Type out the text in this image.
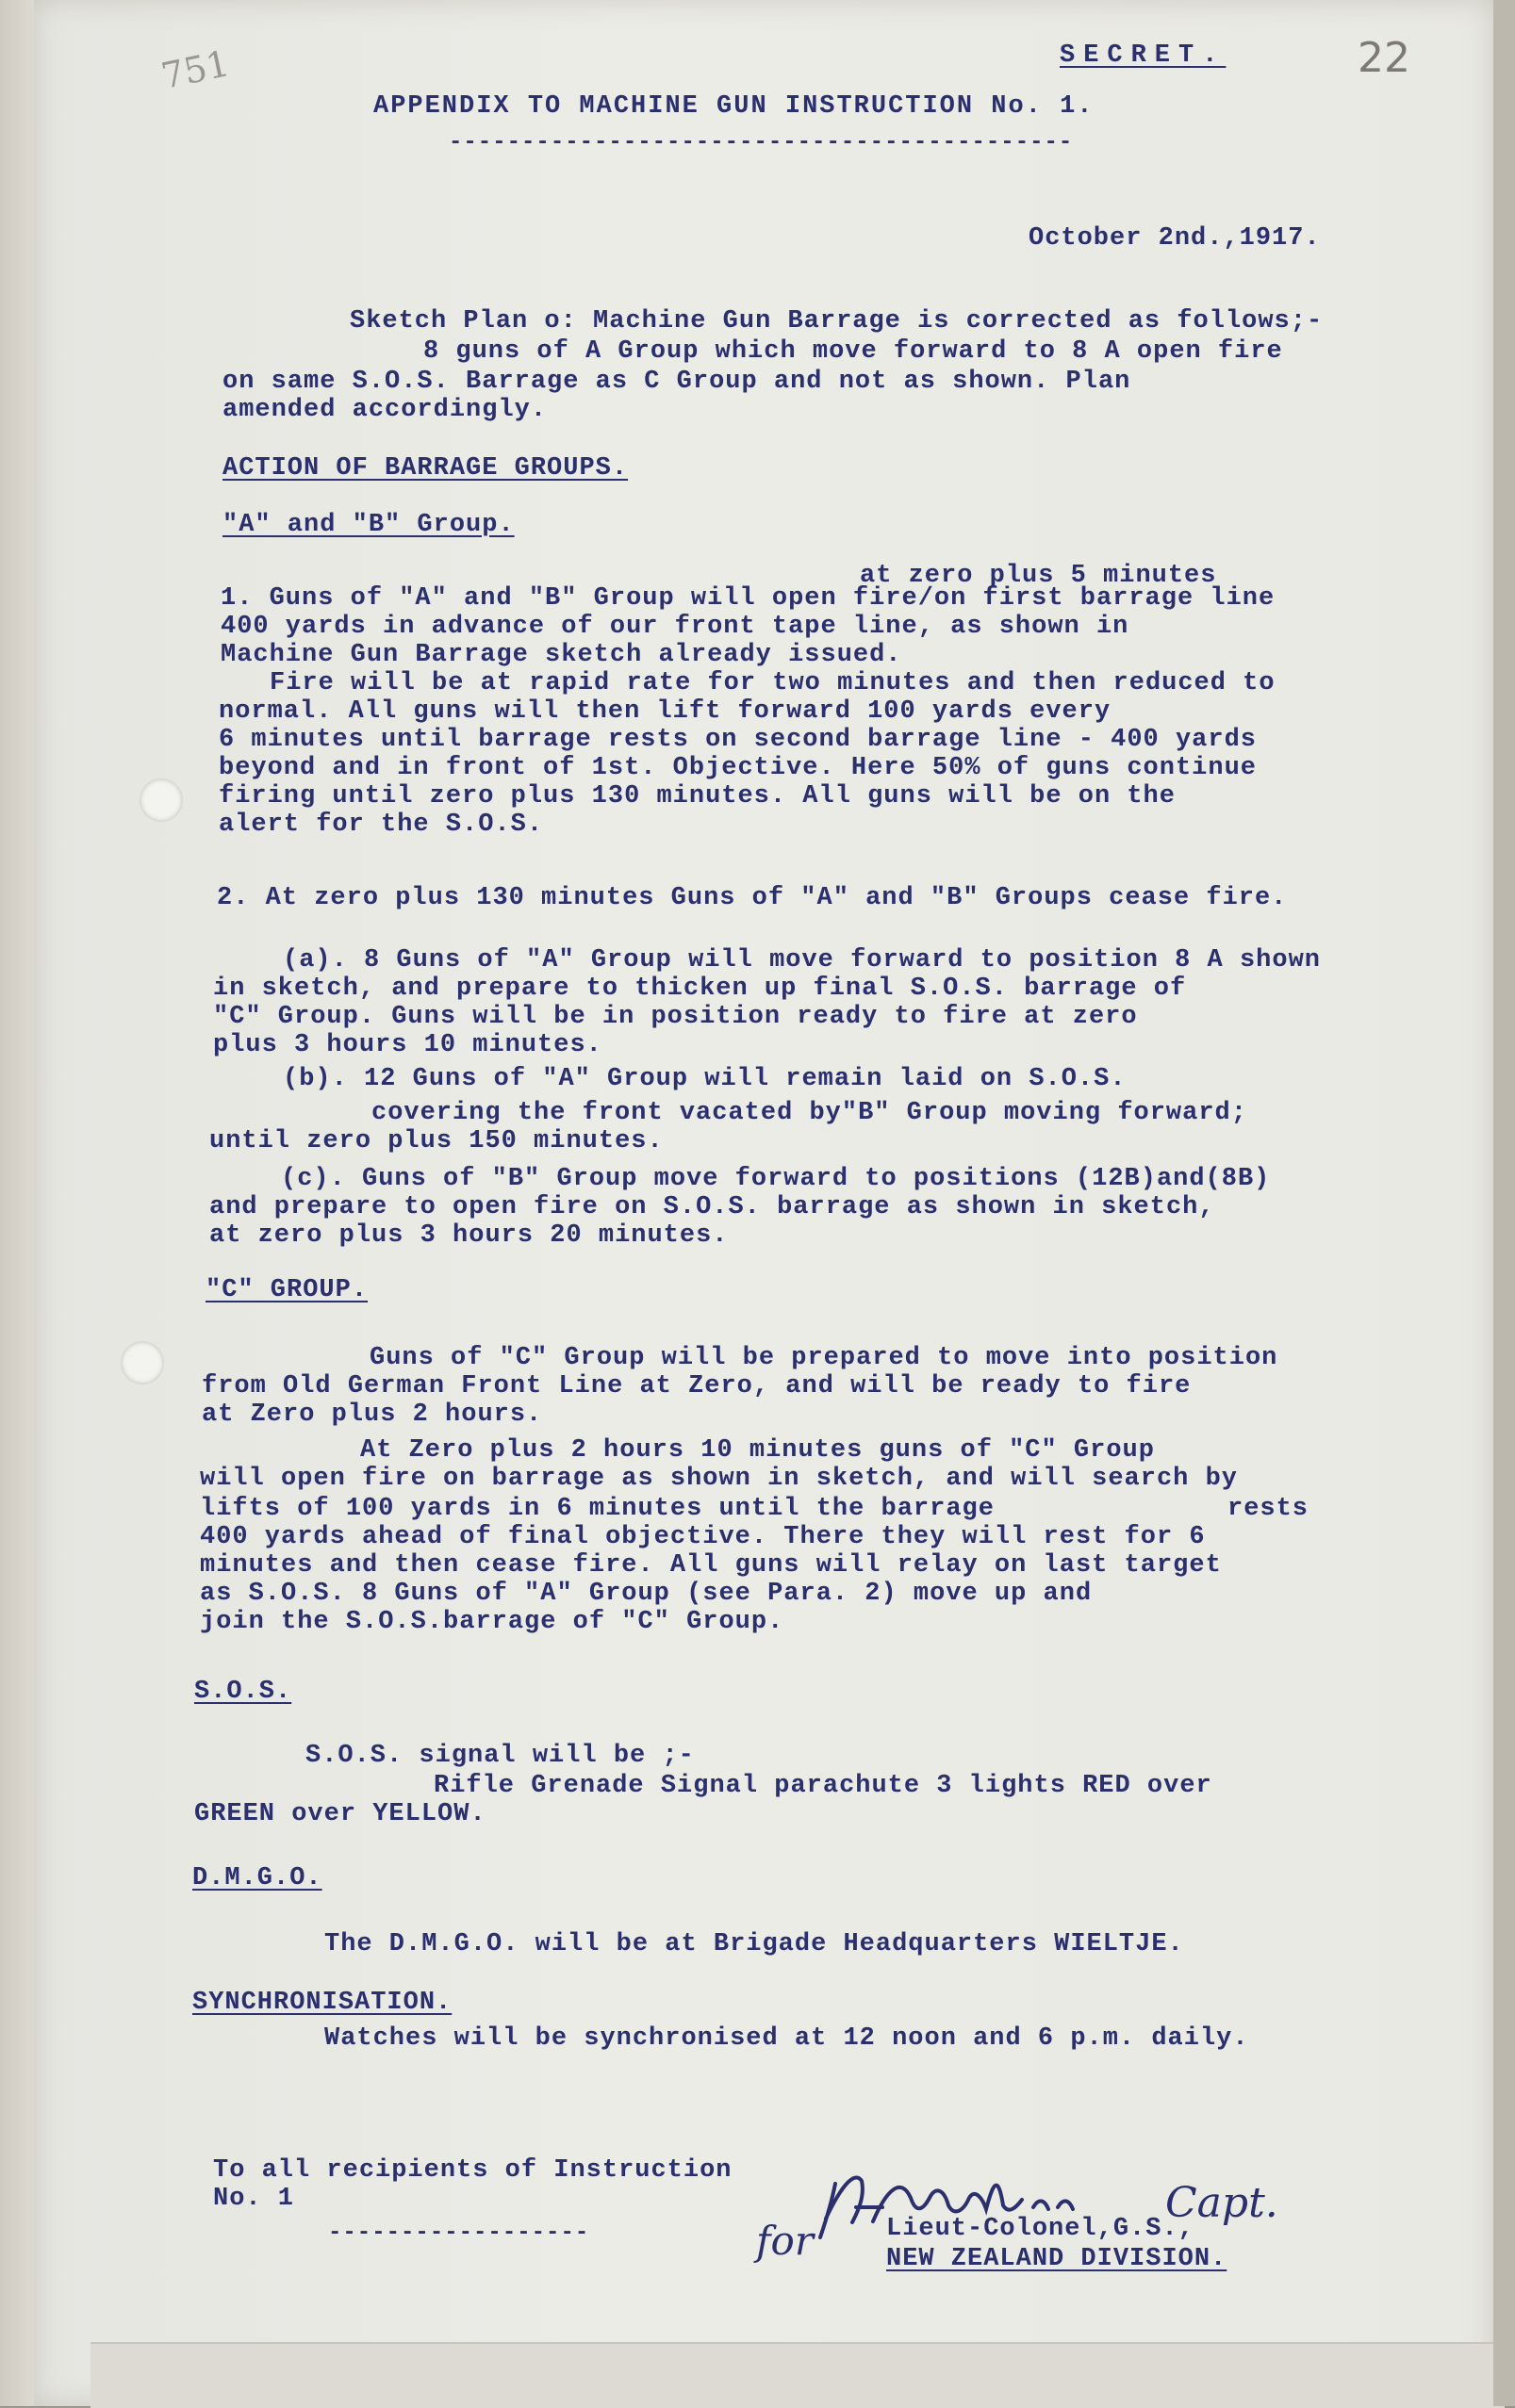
751	22
SECRET.
APPENDIX TO MACHINE GUN INSTRUCTION No. 1.
-------------------------------------------
October 2nd.,1917.
Sketch Plan o: Machine Gun Barrage is corrected as follows;-
8 guns of A Group which move forward to 8 A open fire
on same S.O.S. Barrage as C Group and not as shown. Plan
amended accordingly.
ACTION OF BARRAGE GROUPS.
"A" and "B" Group.
at zero plus 5 minutes
1. Guns of "A" and "B" Group will open fire/on first barrage line
400 yards in advance of our front tape line, as shown in
Machine Gun Barrage sketch already issued.
Fire will be at rapid rate for two minutes and then reduced to
normal. All guns will then lift forward 100 yards every
6 minutes until barrage rests on second barrage line - 400 yards
beyond and in front of 1st. Objective. Here 50% of guns continue
firing until zero plus 130 minutes. All guns will be on the
alert for the S.O.S.
2. At zero plus 130 minutes Guns of "A" and "B" Groups cease fire.
(a). 8 Guns of "A" Group will move forward to position 8 A shown
in sketch, and prepare to thicken up final S.O.S. barrage of
"C" Group. Guns will be in position ready to fire at zero
plus 3 hours 10 minutes.
(b). 12 Guns of "A" Group will remain laid on S.O.S.
covering the front vacated by"B" Group moving forward;
until zero plus 150 minutes.
(c). Guns of "B" Group move forward to positions (12B)and(8B)
and prepare to open fire on S.O.S. barrage as shown in sketch,
at zero plus 3 hours 20 minutes.
"C" GROUP.
Guns of "C" Group will be prepared to move into position
from Old German Front Line at Zero, and will be ready to fire
at Zero plus 2 hours.
At Zero plus 2 hours 10 minutes guns of "C" Group
will open fire on barrage as shown in sketch, and will search by
lifts of 100 yards in 6 minutes until the barrage	rests
400 yards ahead of final objective. There they will rest for 6
minutes and then cease fire. All guns will relay on last target
as S.O.S. 8 Guns of "A" Group (see Para. 2) move up and
join the S.O.S.barrage of "C" Group.
S.O.S.
S.O.S. signal will be ;-
Rifle Grenade Signal parachute 3 lights RED over
GREEN over YELLOW.
D.M.G.O.
The D.M.G.O. will be at Brigade Headquarters WIELTJE.
SYNCHRONISATION.
Watches will be synchronised at 12 noon and 6 p.m. daily.
To all recipients of Instruction
No. 1
------------------	for
Capt.
Lieut-Colonel,G.S.,
NEW ZEALAND DIVISION.
